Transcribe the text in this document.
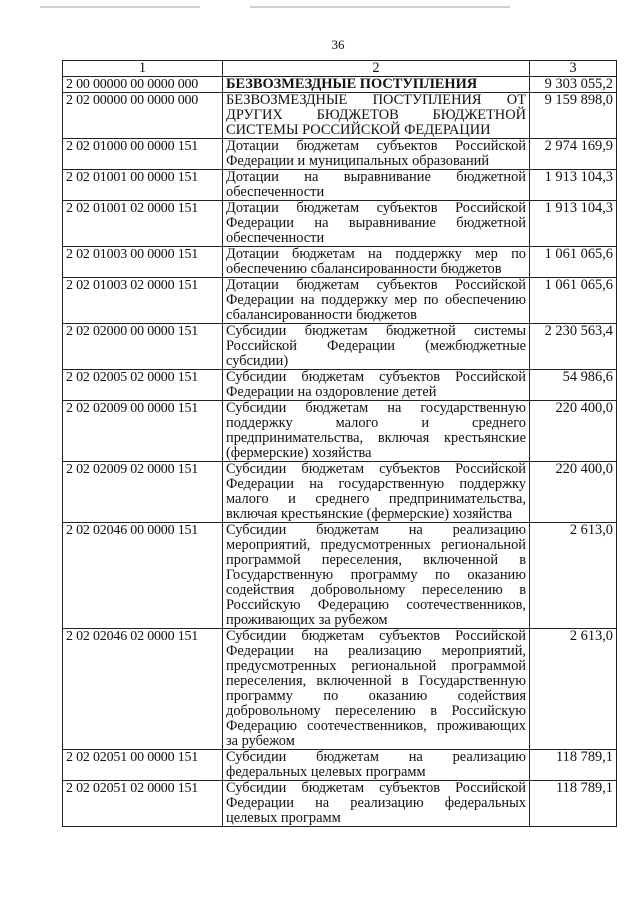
36
1	2	3
2 00 00000 00 0000 000	БЕЗВОЗМЕЗДНЫЕ ПОСТУПЛЕНИЯ	9 303 055,2
2 02 00000 00 0000 000	БЕЗВОЗМЕЗДНЫЕ ПОСТУПЛЕНИЯ ОТ ДРУГИХ БЮДЖЕТОВ БЮДЖЕТНОЙ СИСТЕМЫ РОССИЙСКОЙ ФЕДЕРАЦИИ	9 159 898,0
2 02 01000 00 0000 151	Дотации бюджетам субъектов Российской Федерации и муниципальных образований	2 974 169,9
2 02 01001 00 0000 151	Дотации на выравнивание бюджетной обеспеченности	1 913 104,3
2 02 01001 02 0000 151	Дотации бюджетам субъектов Российской Федерации на выравнивание бюджетной обеспеченности	1 913 104,3
2 02 01003 00 0000 151	Дотации бюджетам на поддержку мер по обеспечению сбалансированности бюджетов	1 061 065,6
2 02 01003 02 0000 151	Дотации бюджетам субъектов Российской Федерации на поддержку мер по обеспечению сбалансированности бюджетов	1 061 065,6
2 02 02000 00 0000 151	Субсидии бюджетам бюджетной системы Российской Федерации (межбюджетные субсидии)	2 230 563,4
2 02 02005 02 0000 151	Субсидии бюджетам субъектов Российской Федерации на оздоровление детей	54 986,6
2 02 02009 00 0000 151	Субсидии бюджетам на государственную поддержку малого и среднего предпринимательства, включая крестьянские (фермерские) хозяйства	220 400,0
2 02 02009 02 0000 151	Субсидии бюджетам субъектов Российской Федерации на государственную поддержку малого и среднего предпринимательства, включая крестьянские (фермерские) хозяйства	220 400,0
2 02 02046 00 0000 151	Субсидии бюджетам на реализацию мероприятий, предусмотренных региональной программой переселения, включенной в Государственную программу по оказанию содействия добровольному переселению в Российскую Федерацию соотечественников, проживающих за рубежом	2 613,0
2 02 02046 02 0000 151	Субсидии бюджетам субъектов Российской Федерации на реализацию мероприятий, предусмотренных региональной программой переселения, включенной в Государственную программу по оказанию содействия добровольному переселению в Российскую Федерацию соотечественников, проживающих за рубежом	2 613,0
2 02 02051 00 0000 151	Субсидии бюджетам на реализацию федеральных целевых программ	118 789,1
2 02 02051 02 0000 151	Субсидии бюджетам субъектов Российской Федерации на реализацию федеральных целевых программ	118 789,1
